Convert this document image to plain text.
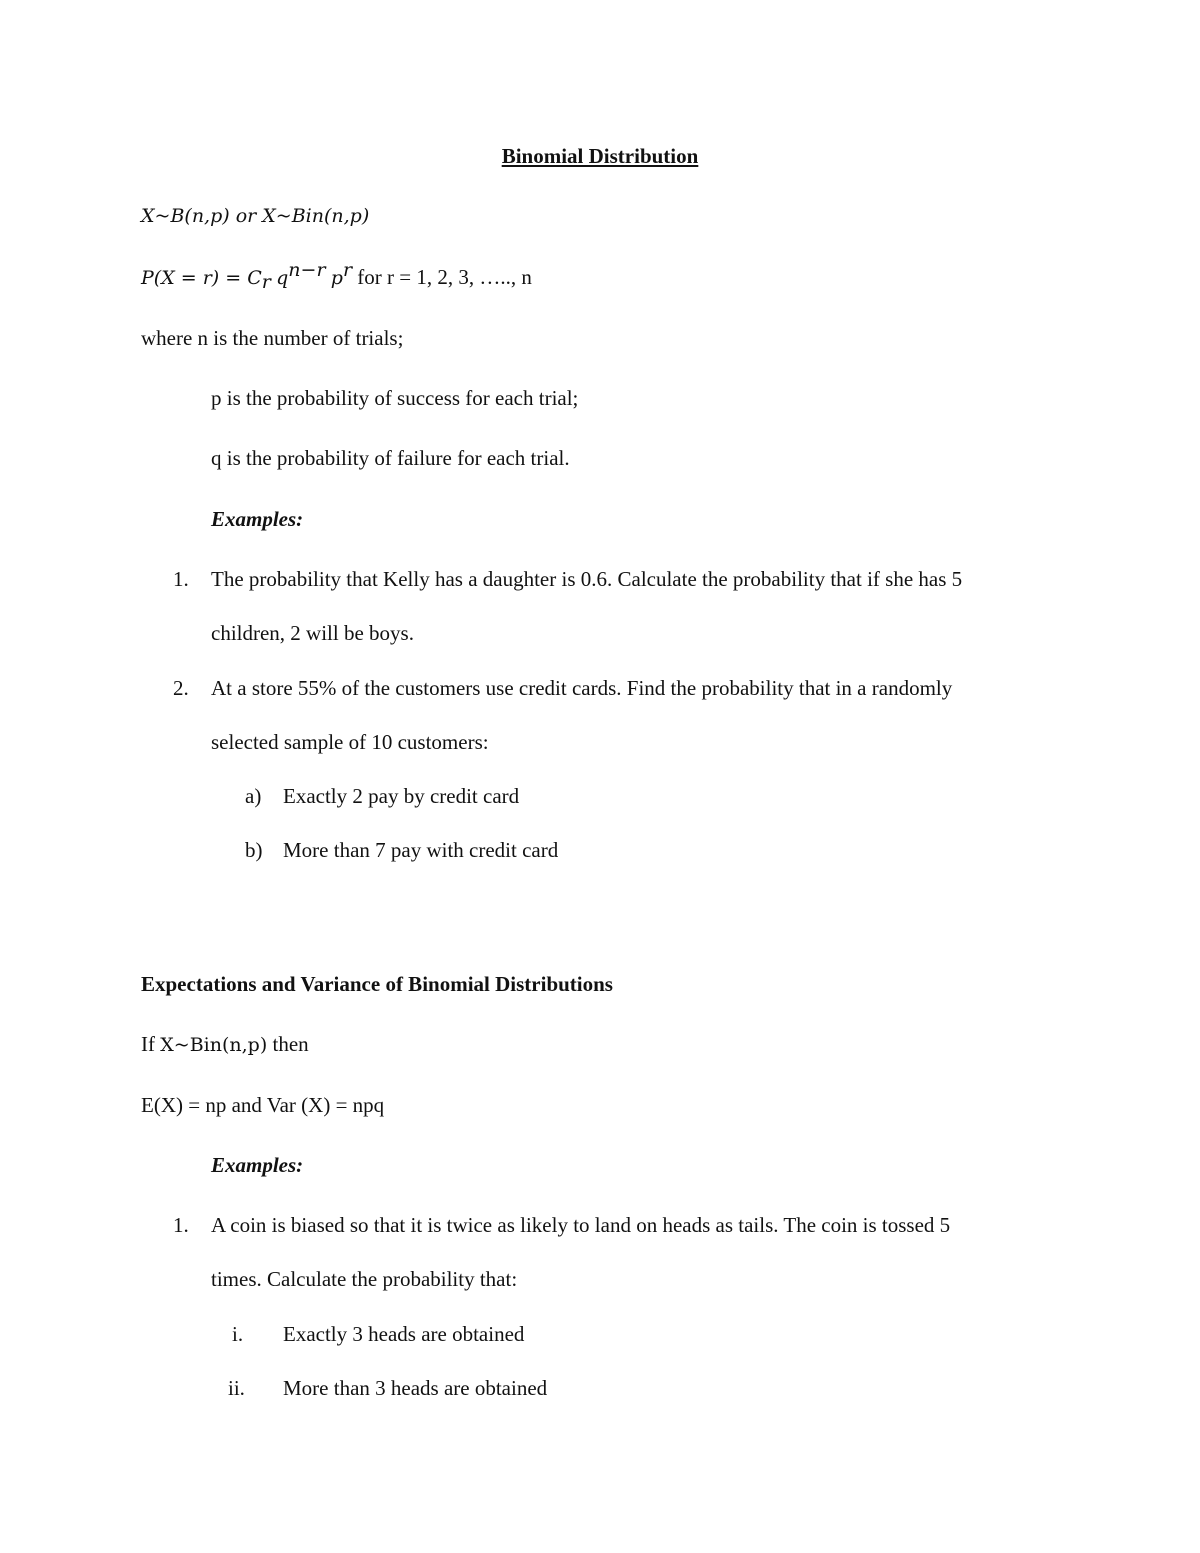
Binomial Distribution
X~B(n,p) or X~Bin(n,p)
$P(X = r) = C_r$ $q^{n-r}$ $p^r$ for r = 1, 2, 3, ….., n
where n is the number of trials;
p is the probability of success for each trial;
q is the probability of failure for each trial.
Examples:
1. The probability that Kelly has a daughter is 0.6. Calculate the probability that if she has 5
children, 2 will be boys.
2. At a store 55% of the customers use credit cards. Find the probability that in a randomly
selected sample of 10 customers:
a) Exactly 2 pay by credit card
b) More than 7 pay with credit card
Expectations and Variance of Binomial Distributions
If X~Bin(n,p) then
E(X) = np and Var (X) = npq
Examples:
1. A coin is biased so that it is twice as likely to land on heads as tails. The coin is tossed 5
times. Calculate the probability that:
i. Exactly 3 heads are obtained
ii. More than 3 heads are obtained
